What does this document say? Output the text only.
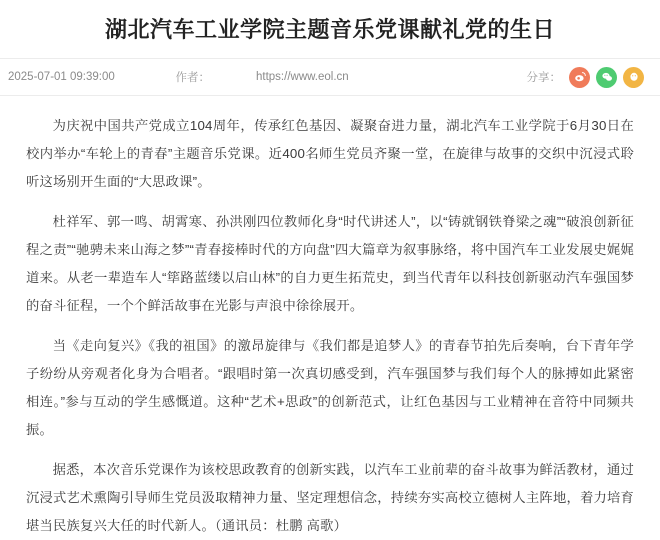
湖北汽车工业学院主题音乐党课献礼党的生日
2025-07-01 09:39:00	作者：	https://www.eol.cn	分享：

为庆祝中国共产党成立104周年，传承红色基因、凝聚奋进力量，湖北汽车工业学院于6月30日在校内举办“车轮上的青春”主题音乐党课。近400名师生党员齐聚一堂，在旋律与故事的交织中沉浸式聆听这场别开生面的“大思政课”。

杜祥军、郭一鸣、胡霄寒、孙洪刚四位教师化身“时代讲述人”，以“铸就钢铁脊梁之魂”“破浪创新征程之责”“驰骋未来山海之梦”“青春接棒时代的方向盘”四大篇章为叙事脉络，将中国汽车工业发展史娓娓道来。从老一辈造车人“筚路蓝缕以启山林”的自力更生拓荒史，到当代青年以科技创新驱动汽车强国梦的奋斗征程，一个个鲜活故事在光影与声浪中徐徐展开。

当《走向复兴》《我的祖国》的激昂旋律与《我们都是追梦人》的青春节拍先后奏响，台下青年学子纷纷从旁观者化身为合唱者。“跟唱时第一次真切感受到，汽车强国梦与我们每个人的脉搏如此紧密相连。”参与互动的学生感慨道。这种“艺术+思政”的创新范式，让红色基因与工业精神在音符中同频共振。

据悉，本次音乐党课作为该校思政教育的创新实践，以汽车工业前辈的奋斗故事为鲜活教材，通过沉浸式艺术熏陶引导师生党员汲取精神力量、坚定理想信念，持续夯实高校立德树人主阵地，着力培育堪当民族复兴大任的时代新人。（通讯员：杜鹏 高歌）
